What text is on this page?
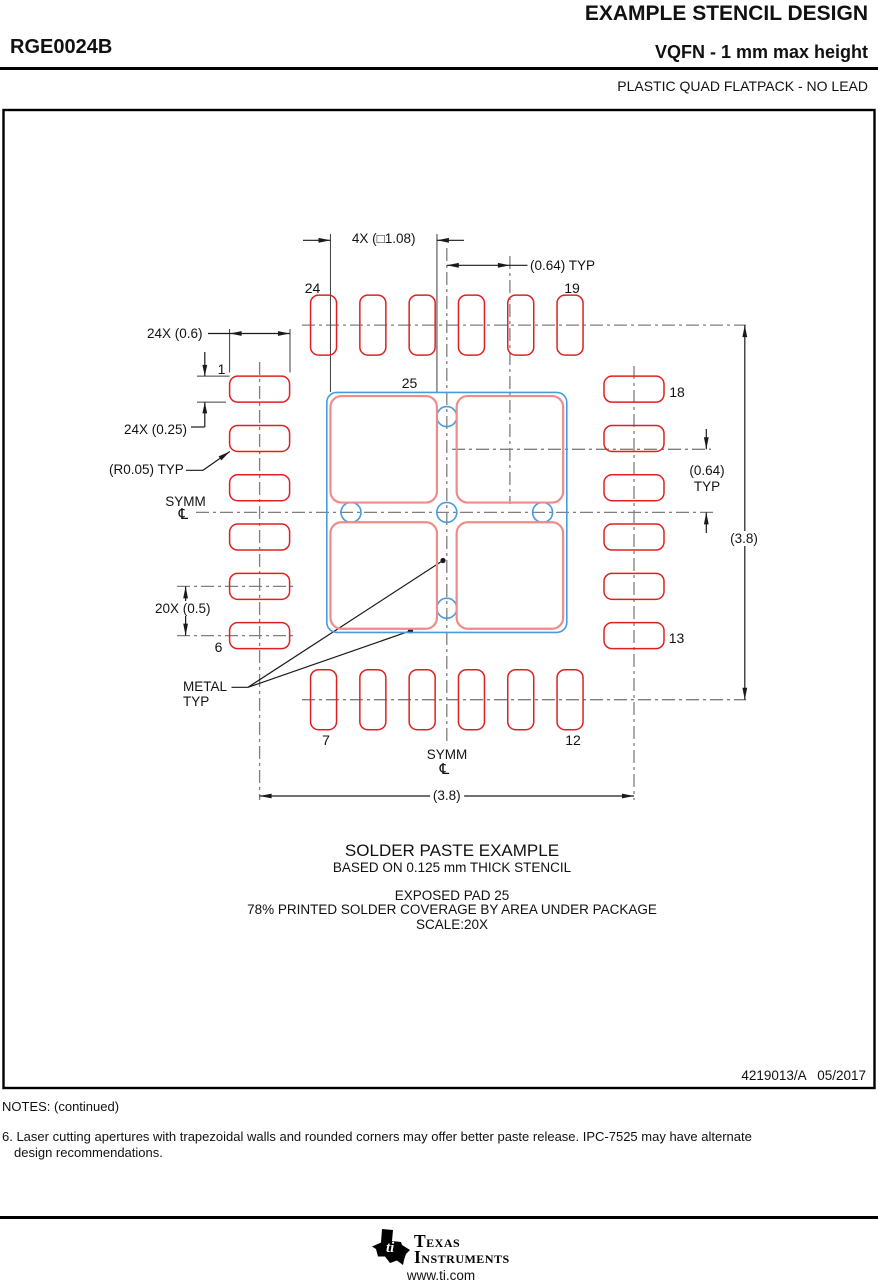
EXAMPLE STENCIL DESIGN
RGE0024B	VQFN - 1 mm max height
PLASTIC QUAD FLATPACK - NO LEAD
4X (□1.08)
(0.64) TYP
(0.64)
TYP
(3.8)
(3.8)
24X (0.6)
24X (0.25)
(R0.05) TYP
20X (0.5)
METAL
TYP
SYMM
℄
SYMM
℄
24	19
25
1
18
13
6
7	12
SOLDER PASTE EXAMPLE
BASED ON 0.125 mm THICK STENCIL
EXPOSED PAD 25
78% PRINTED SOLDER COVERAGE BY AREA UNDER PACKAGE
SCALE:20X
4219013/A   05/2017
NOTES: (continued)
6. Laser cutting apertures with trapezoidal walls and rounded corners may offer better paste release. IPC-7525 may have alternate
design recommendations.
ti Texas
Instruments
www.ti.com
